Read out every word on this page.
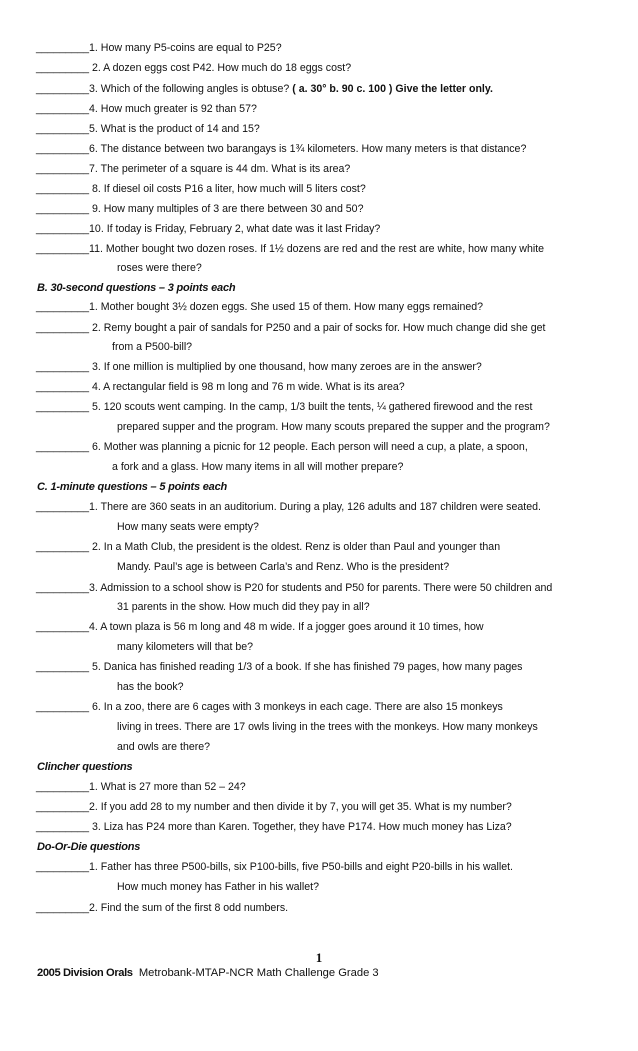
_________1. How many P5-coins are equal to P25?
_________ 2. A dozen eggs cost P42. How much do 18 eggs cost?
_________3. Which of the following angles is obtuse? ( a. 30° b. 90 c. 100 ) Give the letter only.
_________4. How much greater is 92 than 57?
_________5. What is the product of 14 and 15?
_________6. The distance between two barangays is 1¾ kilometers. How many meters is that distance?
_________7. The perimeter of a square is 44 dm. What is its area?
_________ 8. If diesel oil costs P16 a liter, how much will 5 liters cost?
_________ 9. How many multiples of 3 are there between 30 and 50?
_________10. If today is Friday, February 2, what date was it last Friday?
_________11. Mother bought two dozen roses. If 1½ dozens are red and the rest are white, how many white
roses were there?
B. 30-second questions – 3 points each
_________1. Mother bought 3½ dozen eggs. She used 15 of them. How many eggs remained?
_________ 2. Remy bought a pair of sandals for P250 and a pair of socks for. How much change did she get
from a P500-bill?
_________ 3. If one million is multiplied by one thousand, how many zeroes are in the answer?
_________ 4. A rectangular field is 98 m long and 76 m wide. What is its area?
_________ 5. 120 scouts went camping. In the camp, 1/3 built the tents, ¼ gathered firewood and the rest
prepared supper and the program. How many scouts prepared the supper and the program?
_________ 6. Mother was planning a picnic for 12 people. Each person will need a cup, a plate, a spoon,
a fork and a glass. How many items in all will mother prepare?
C. 1-minute questions – 5 points each
_________1. There are 360 seats in an auditorium. During a play, 126 adults and 187 children were seated.
How many seats were empty?
_________ 2. In a Math Club, the president is the oldest. Renz is older than Paul and younger than
Mandy. Paul’s age is between Carla’s and Renz. Who is the president?
_________3. Admission to a school show is P20 for students and P50 for parents. There were 50 children and
31 parents in the show. How much did they pay in all?
_________4. A town plaza is 56 m long and 48 m wide. If a jogger goes around it 10 times, how
many kilometers will that be?
_________ 5. Danica has finished reading 1/3 of a book. If she has finished 79 pages, how many pages
has the book?
_________ 6. In a zoo, there are 6 cages with 3 monkeys in each cage. There are also 15 monkeys
living in trees. There are 17 owls living in the trees with the monkeys. How many monkeys
and owls are there?
Clincher questions
_________1. What is 27 more than 52 – 24?
_________2. If you add 28 to my number and then divide it by 7, you will get 35. What is my number?
_________ 3. Liza has P24 more than Karen. Together, they have P174. How much money has Liza?
Do-Or-Die questions
_________1. Father has three P500-bills, six P100-bills, five P50-bills and eight P20-bills in his wallet.
How much money has Father in his wallet?
_________2. Find the sum of the first 8 odd numbers.
1
2005 Division Orals Metrobank-MTAP-NCR Math Challenge Grade 3
